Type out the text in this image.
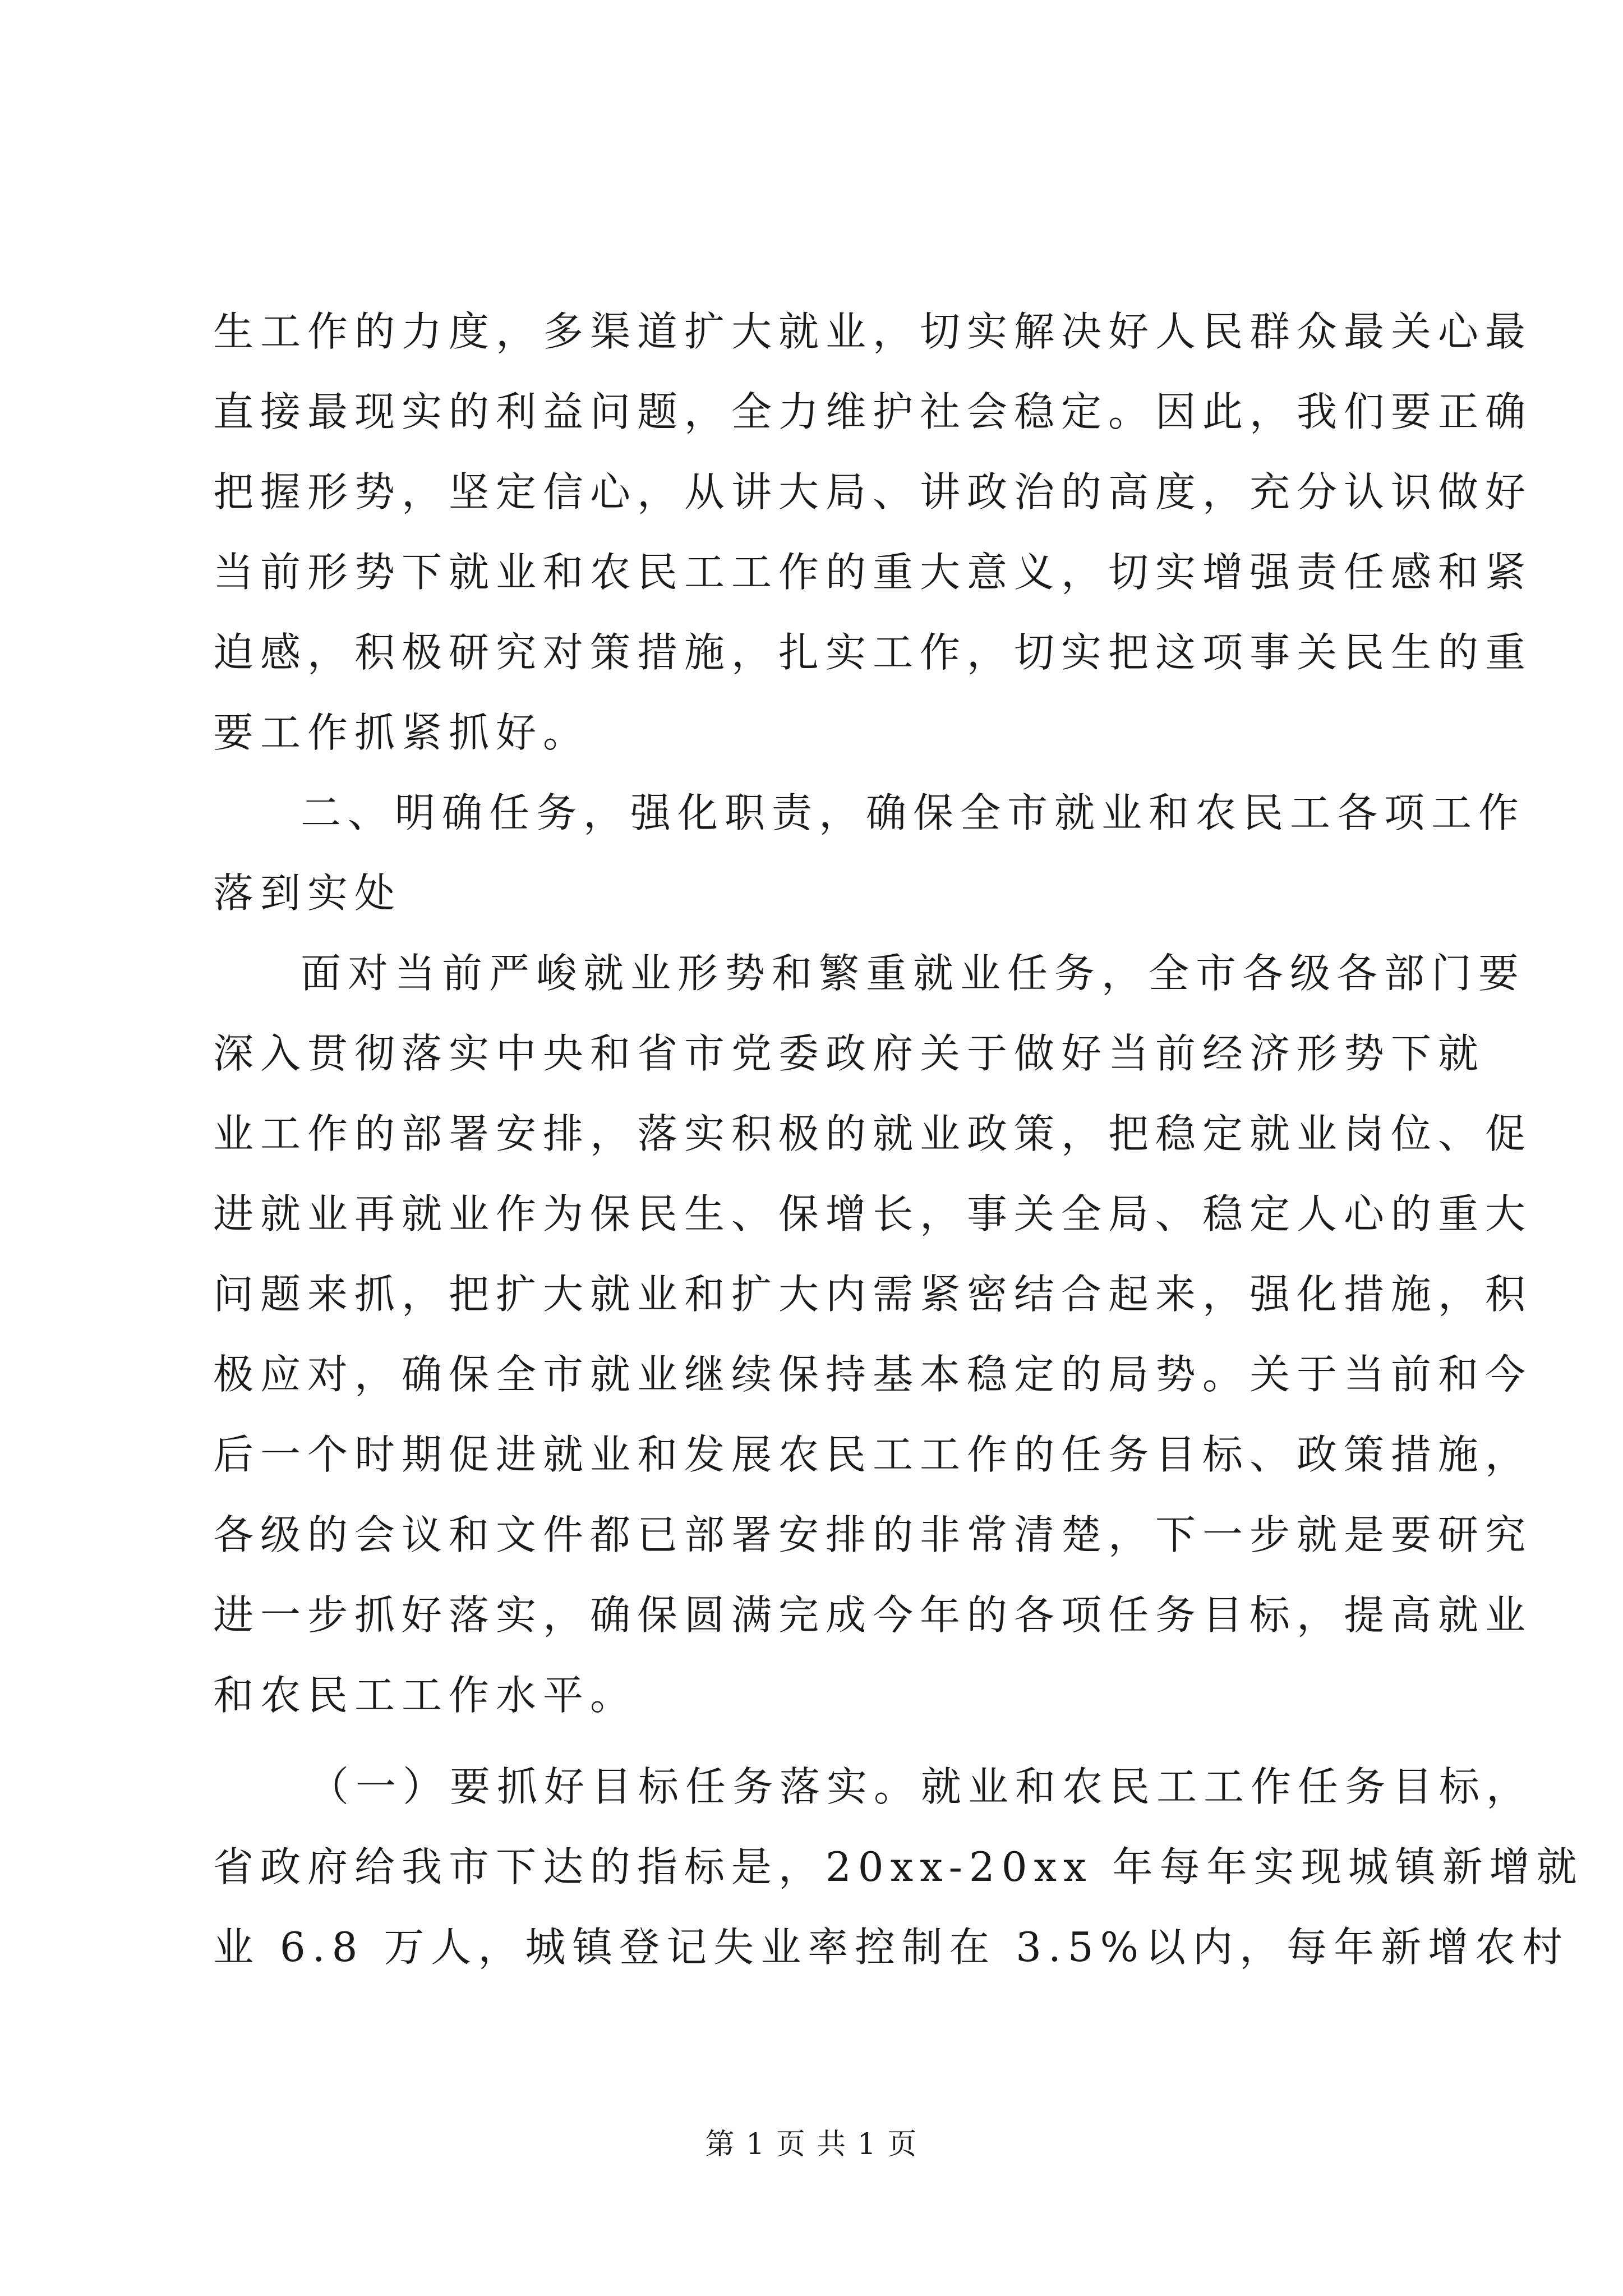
生工作的力度，多渠道扩大就业，切实解决好人民群众最关心最
直接最现实的利益问题，全力维护社会稳定。因此，我们要正确
把握形势，坚定信心，从讲大局、讲政治的高度，充分认识做好
当前形势下就业和农民工工作的重大意义，切实增强责任感和紧
迫感，积极研究对策措施，扎实工作，切实把这项事关民生的重
要工作抓紧抓好。
二、明确任务，强化职责，确保全市就业和农民工各项工作
落到实处
面对当前严峻就业形势和繁重就业任务，全市各级各部门要
深入贯彻落实中央和省市党委政府关于做好当前经济形势下就
业工作的部署安排，落实积极的就业政策，把稳定就业岗位、促
进就业再就业作为保民生、保增长，事关全局、稳定人心的重大
问题来抓，把扩大就业和扩大内需紧密结合起来，强化措施，积
极应对，确保全市就业继续保持基本稳定的局势。关于当前和今
后一个时期促进就业和发展农民工工作的任务目标、政策措施，
各级的会议和文件都已部署安排的非常清楚，下一步就是要研究
进一步抓好落实，确保圆满完成今年的各项任务目标，提高就业
和农民工工作水平。
（一）要抓好目标任务落实。就业和农民工工作任务目标，
省政府给我市下达的指标是，20xx-20xx 年每年实现城镇新增就
业 6.8 万人，城镇登记失业率控制在 3.5%以内，每年新增农村
第 1 页 共 1 页
